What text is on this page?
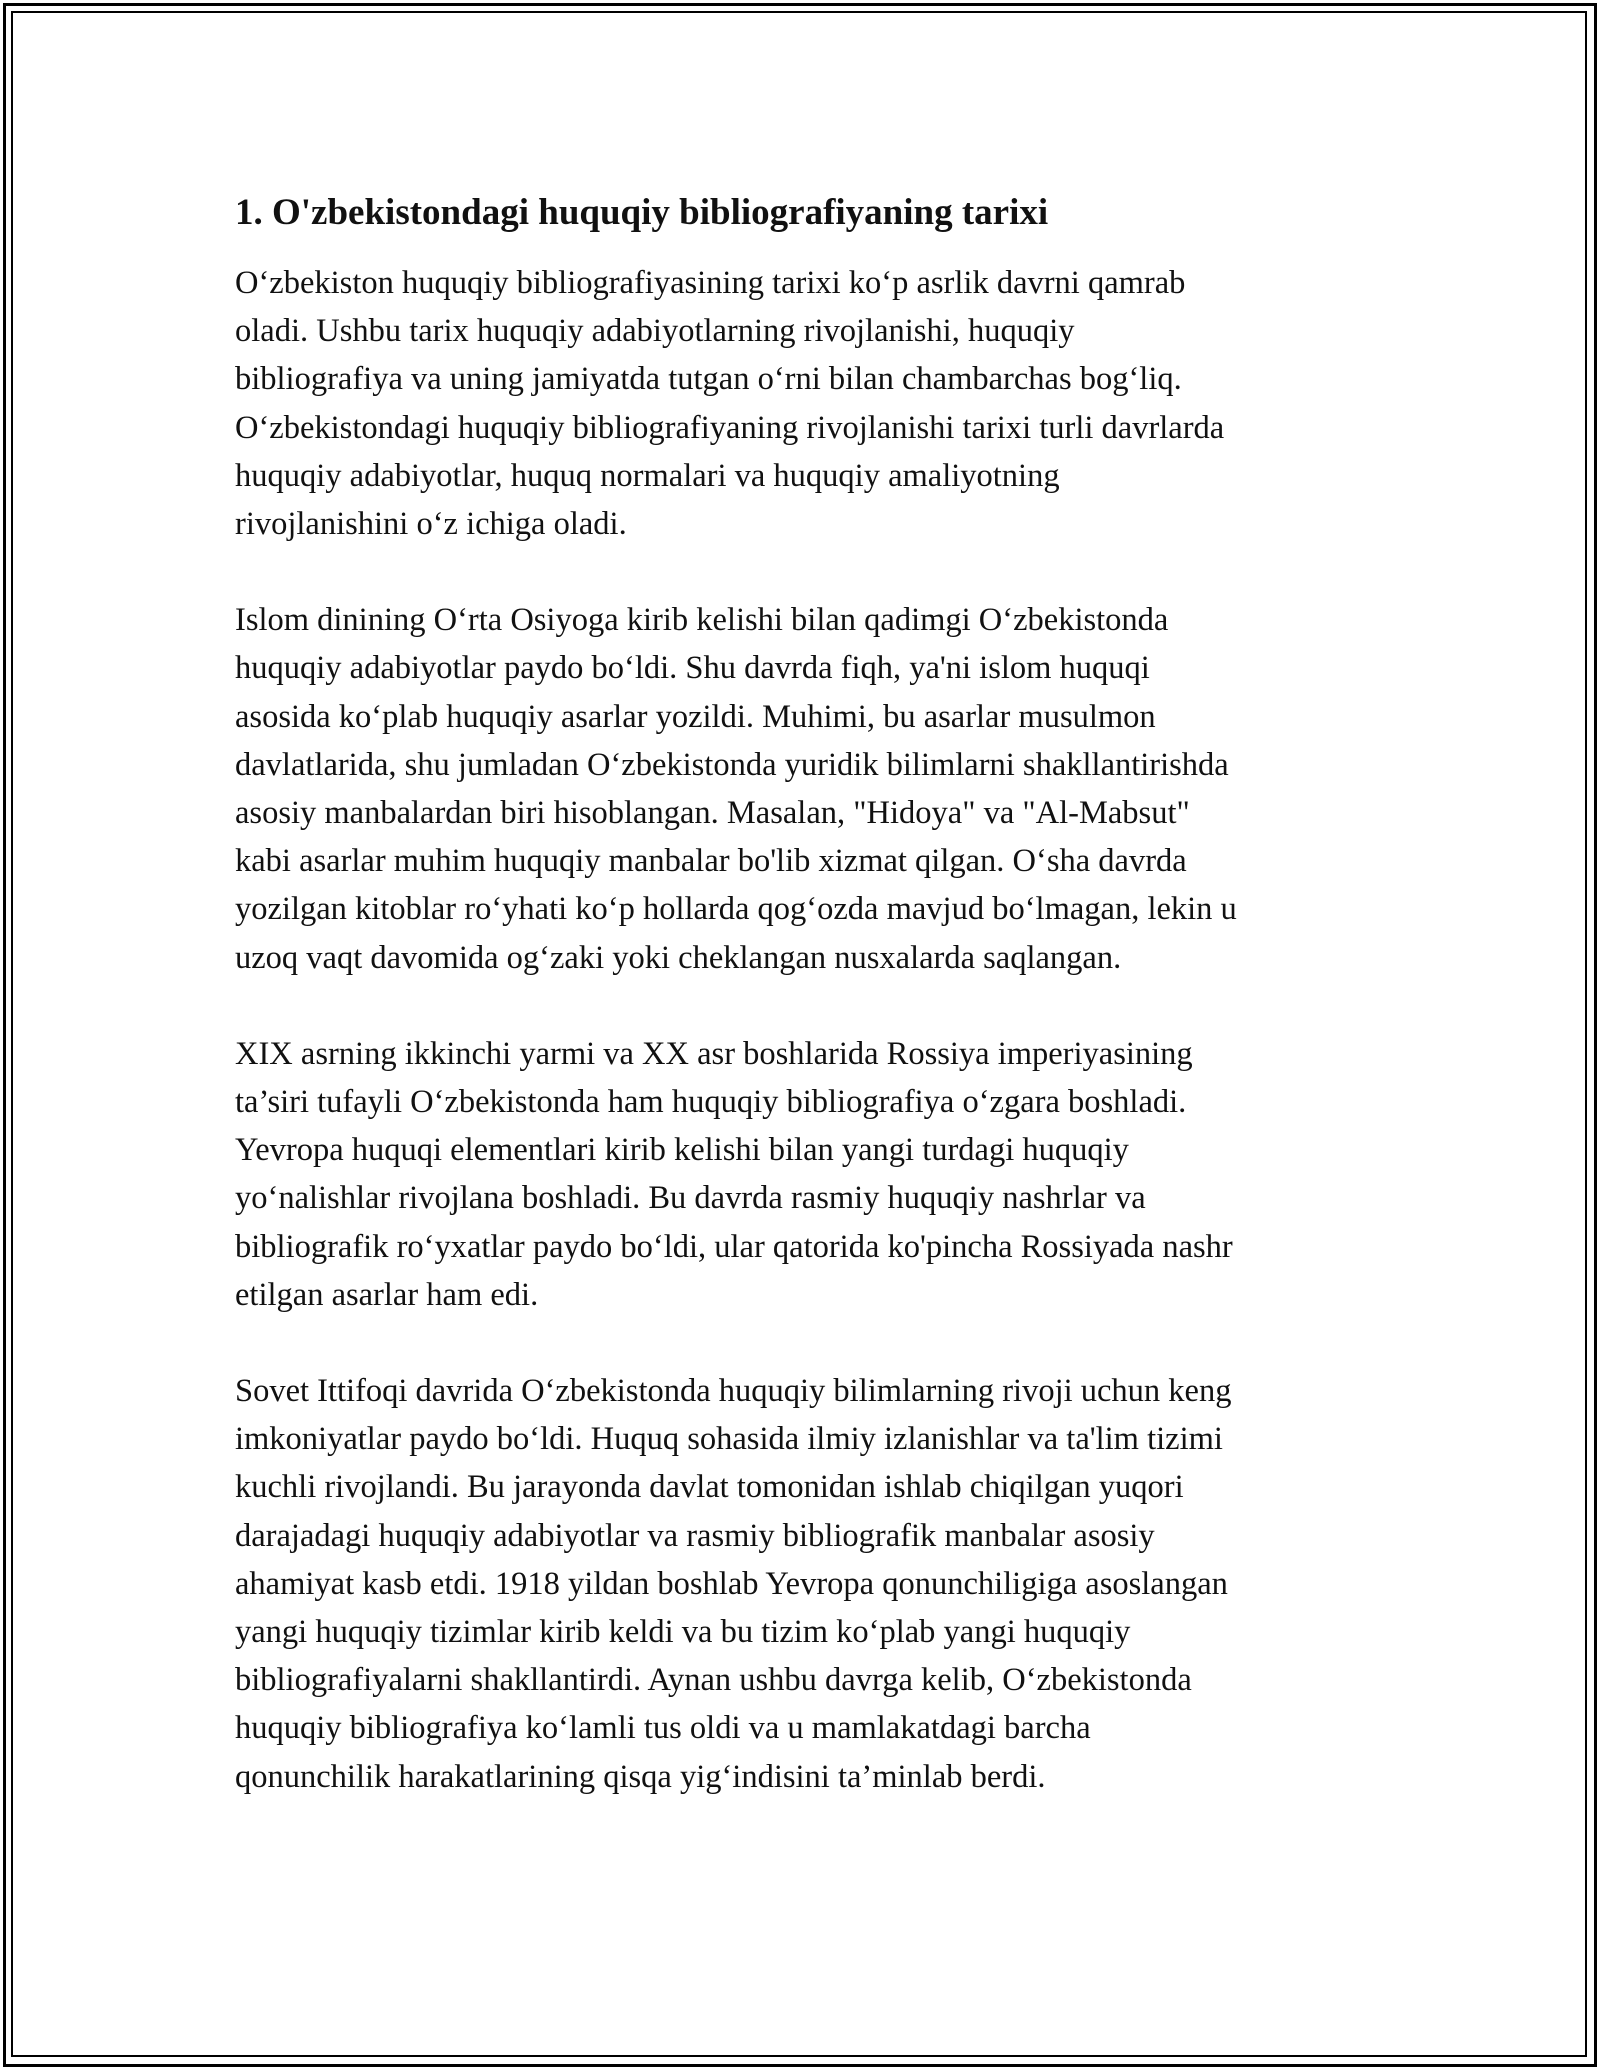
1. O'zbekistondagi huquqiy bibliografiyaning tarixi

O‘zbekiston huquqiy bibliografiyasining tarixi ko‘p asrlik davrni qamrab
oladi. Ushbu tarix huquqiy adabiyotlarning rivojlanishi, huquqiy
bibliografiya va uning jamiyatda tutgan o‘rni bilan chambarchas bog‘liq.
O‘zbekistondagi huquqiy bibliografiyaning rivojlanishi tarixi turli davrlarda
huquqiy adabiyotlar, huquq normalari va huquqiy amaliyotning
rivojlanishini o‘z ichiga oladi.

Islom dinining O‘rta Osiyoga kirib kelishi bilan qadimgi O‘zbekistonda
huquqiy adabiyotlar paydo bo‘ldi. Shu davrda fiqh, ya'ni islom huquqi
asosida ko‘plab huquqiy asarlar yozildi. Muhimi, bu asarlar musulmon
davlatlarida, shu jumladan O‘zbekistonda yuridik bilimlarni shakllantirishda
asosiy manbalardan biri hisoblangan. Masalan, "Hidoya" va "Al-Mabsut"
kabi asarlar muhim huquqiy manbalar bo'lib xizmat qilgan. O‘sha davrda
yozilgan kitoblar ro‘yhati ko‘p hollarda qog‘ozda mavjud bo‘lmagan, lekin u
uzoq vaqt davomida og‘zaki yoki cheklangan nusxalarda saqlangan.

XIX asrning ikkinchi yarmi va XX asr boshlarida Rossiya imperiyasining
ta’siri tufayli O‘zbekistonda ham huquqiy bibliografiya o‘zgara boshladi.
Yevropa huquqi elementlari kirib kelishi bilan yangi turdagi huquqiy
yo‘nalishlar rivojlana boshladi. Bu davrda rasmiy huquqiy nashrlar va
bibliografik ro‘yxatlar paydo bo‘ldi, ular qatorida ko'pincha Rossiyada nashr
etilgan asarlar ham edi.

Sovet Ittifoqi davrida O‘zbekistonda huquqiy bilimlarning rivoji uchun keng
imkoniyatlar paydo bo‘ldi. Huquq sohasida ilmiy izlanishlar va ta'lim tizimi
kuchli rivojlandi. Bu jarayonda davlat tomonidan ishlab chiqilgan yuqori
darajadagi huquqiy adabiyotlar va rasmiy bibliografik manbalar asosiy
ahamiyat kasb etdi. 1918 yildan boshlab Yevropa qonunchiligiga asoslangan
yangi huquqiy tizimlar kirib keldi va bu tizim ko‘plab yangi huquqiy
bibliografiyalarni shakllantirdi. Aynan ushbu davrga kelib, O‘zbekistonda
huquqiy bibliografiya ko‘lamli tus oldi va u mamlakatdagi barcha
qonunchilik harakatlarining qisqa yig‘indisini ta’minlab berdi.
